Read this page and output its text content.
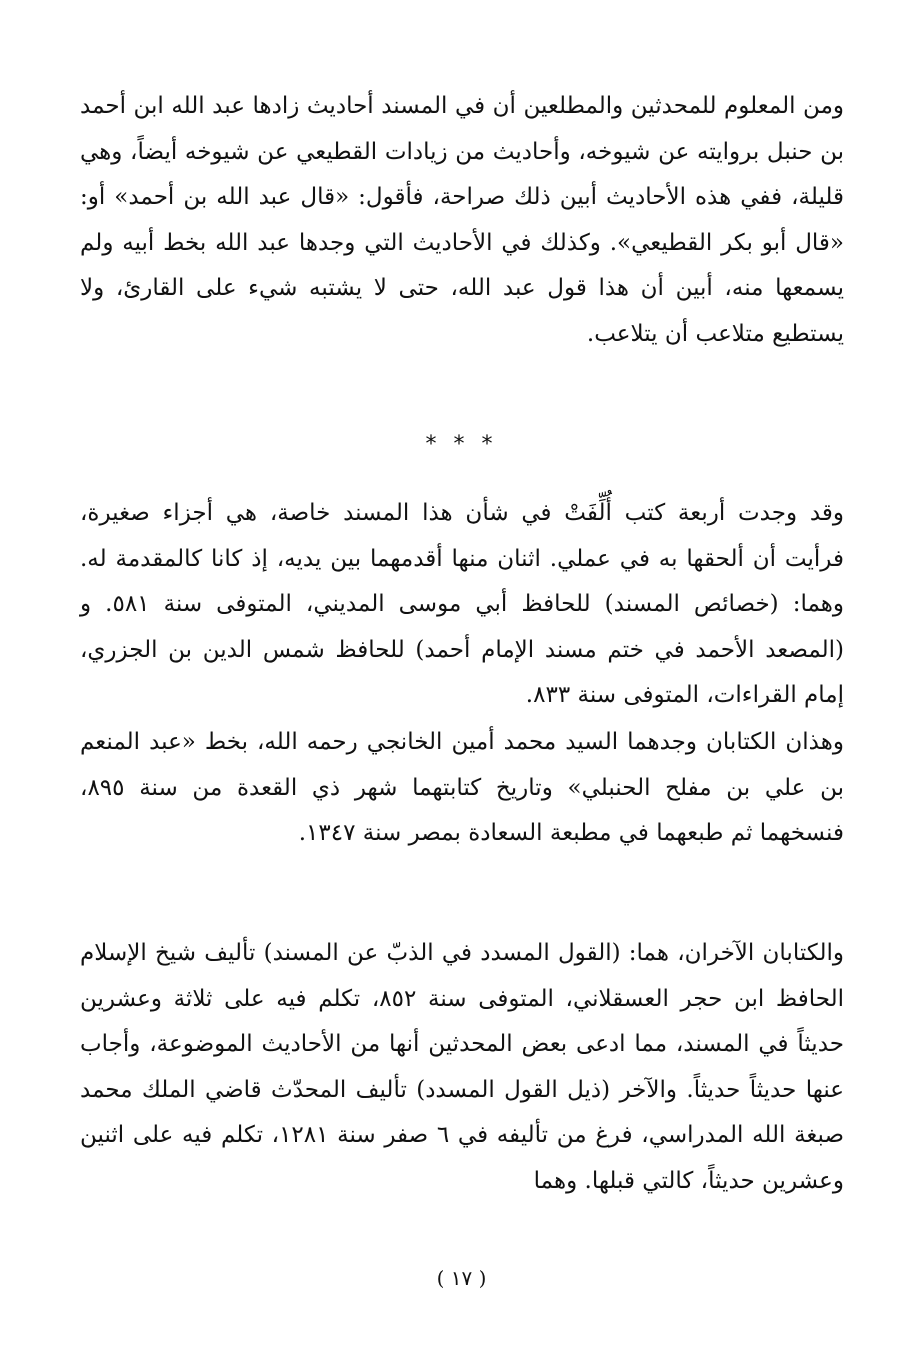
ومن المعلوم للمحدثين والمطلعين أن في المسند أحاديث زادها عبد الله ابن أحمد بن حنبل بروايته عن شيوخه، وأحاديث من زيادات القطيعي عن شيوخه أيضاً، وهي قليلة، ففي هذه الأحاديث أبين ذلك صراحة، فأقول: «قال عبد الله بن أحمد» أو: «قال أبو بكر القطيعي». وكذلك في الأحاديث التي وجدها عبد الله بخط أبيه ولم يسمعها منه، أبين أن هذا قول عبد الله، حتى لا يشتبه شيء على القارئ، ولا يستطيع متلاعب أن يتلاعب.

* * *

وقد وجدت أربعة كتب أُلِّفَتْ في شأن هذا المسند خاصة، هي أجزاء صغيرة، فرأيت أن ألحقها به في عملي. اثنان منها أقدمهما بين يديه، إذ كانا كالمقدمة له. وهما: (خصائص المسند) للحافظ أبي موسى المديني، المتوفى سنة ٥٨١. و (المصعد الأحمد في ختم مسند الإمام أحمد) للحافظ شمس الدين بن الجزري، إمام القراءات، المتوفى سنة ٨٣٣.

وهذان الكتابان وجدهما السيد محمد أمين الخانجي رحمه الله، بخط «عبد المنعم بن علي بن مفلح الحنبلي» وتاريخ كتابتهما شهر ذي القعدة من سنة ٨٩٥، فنسخهما ثم طبعهما في مطبعة السعادة بمصر سنة ١٣٤٧.

والكتابان الآخران، هما: (القول المسدد في الذبّ عن المسند) تأليف شيخ الإسلام الحافظ ابن حجر العسقلاني، المتوفى سنة ٨٥٢، تكلم فيه على ثلاثة وعشرين حديثاً في المسند، مما ادعى بعض المحدثين أنها من الأحاديث الموضوعة، وأجاب عنها حديثاً حديثاً. والآخر (ذيل القول المسدد) تأليف المحدّث قاضي الملك محمد صبغة الله المدراسي، فرغ من تأليفه في ٦ صفر سنة ١٢٨١، تكلم فيه على اثنين وعشرين حديثاً، كالتي قبلها. وهما

( ١٧ )
